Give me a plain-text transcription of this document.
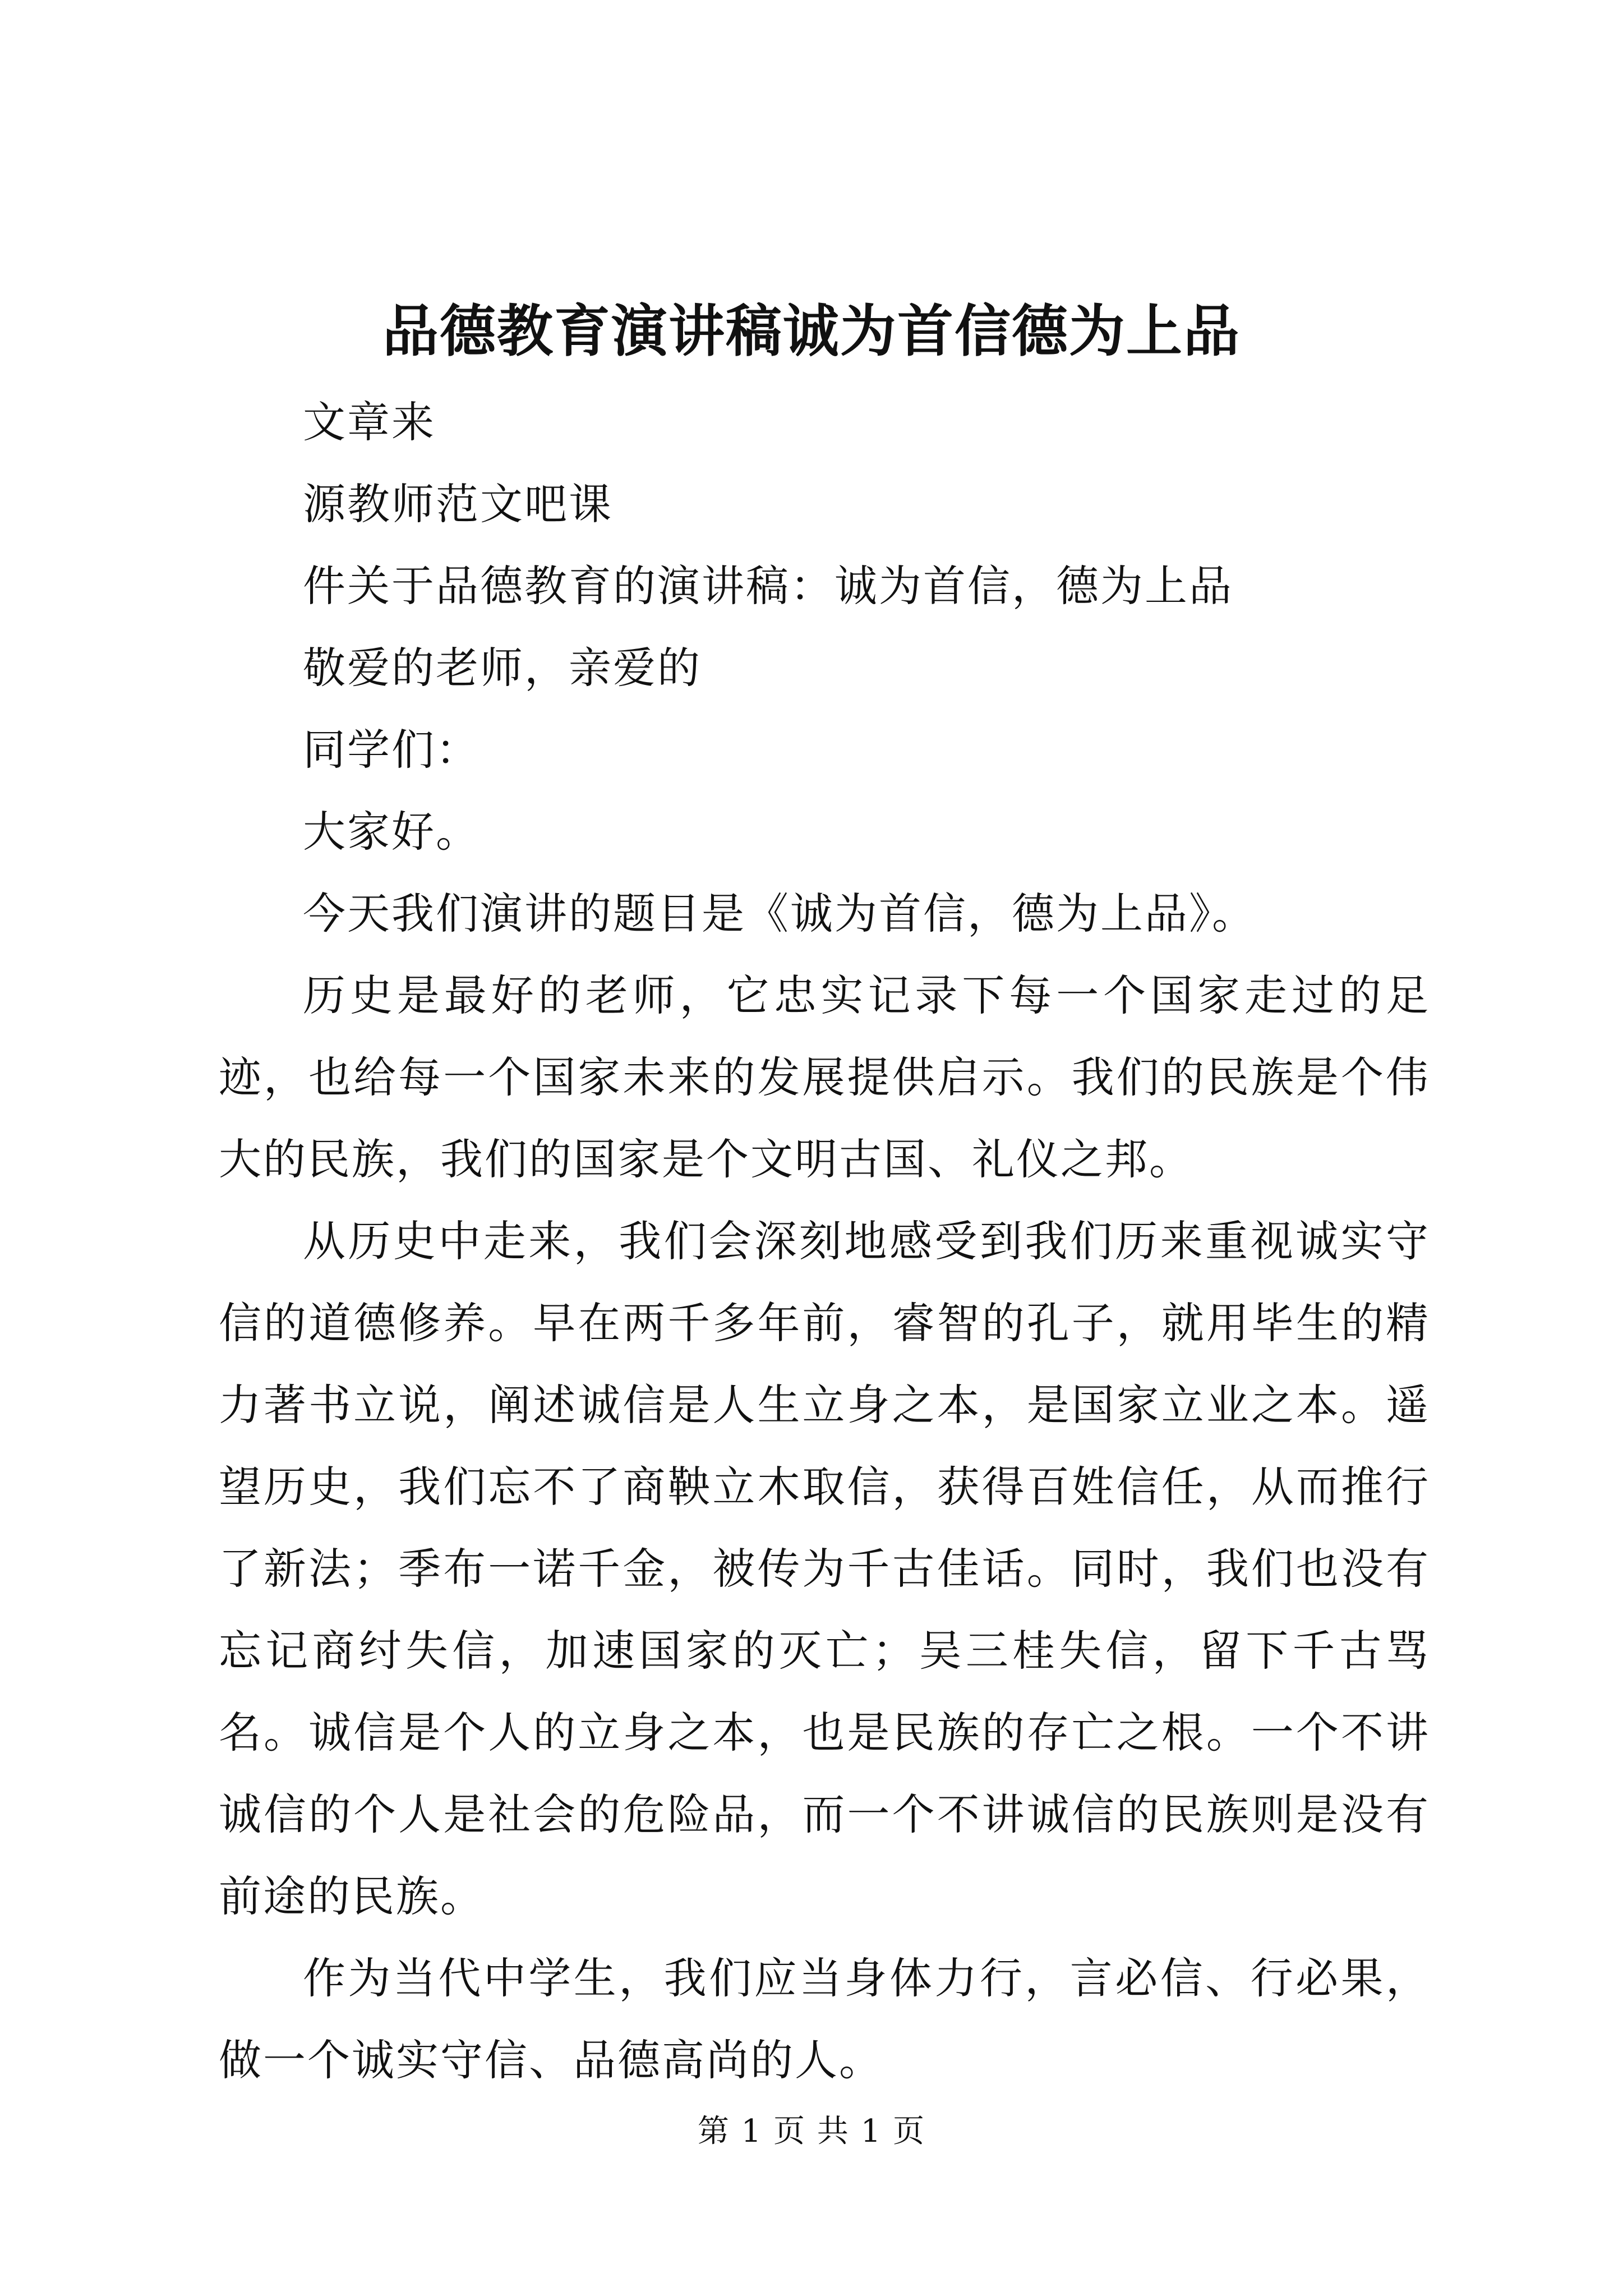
品德教育演讲稿诚为首信德为上品

文章来

源教师范文吧课

件关于品德教育的演讲稿：诚为首信，德为上品

敬爱的老师，亲爱的

同学们：

大家好。

今天我们演讲的题目是《诚为首信，德为上品》。

历史是最好的老师，它忠实记录下每一个国家走过的足迹，也给每一个国家未来的发展提供启示。我们的民族是个伟大的民族，我们的国家是个文明古国、礼仪之邦。

从历史中走来，我们会深刻地感受到我们历来重视诚实守信的道德修养。早在两千多年前，睿智的孔子，就用毕生的精力著书立说，阐述诚信是人生立身之本，是国家立业之本。遥望历史，我们忘不了商鞅立木取信，获得百姓信任，从而推行了新法；季布一诺千金，被传为千古佳话。同时，我们也没有忘记商纣失信，加速国家的灭亡；吴三桂失信，留下千古骂名。诚信是个人的立身之本，也是民族的存亡之根。一个不讲诚信的个人是社会的危险品，而一个不讲诚信的民族则是没有前途的民族。

作为当代中学生，我们应当身体力行，言必信、行必果，做一个诚实守信、品德高尚的人。

第 1 页 共 1 页
